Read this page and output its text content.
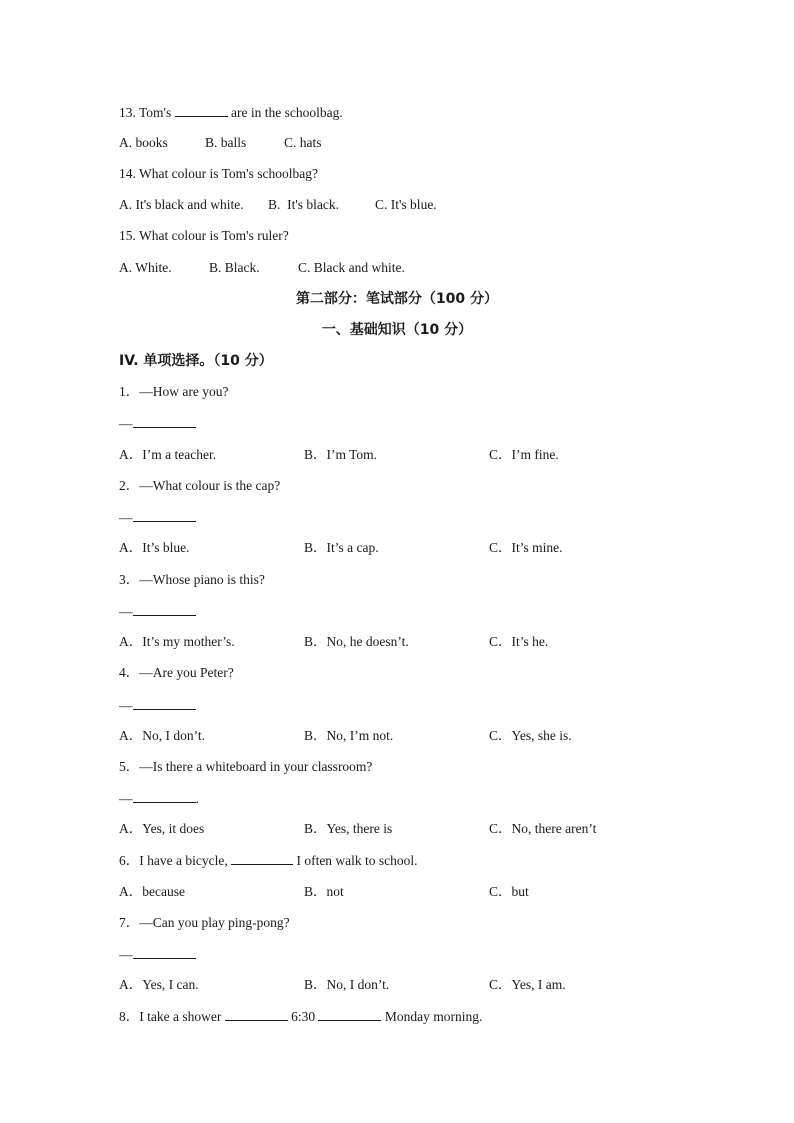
13. Tom's	are in the schoolbag.
A. books	B. balls	C. hats
14. What colour is Tom's schoolbag?
A. It's black and white. B.  It's black.	C. It's blue.
15. What colour is Tom's ruler?
A. White.	B. Black.	C. Black and white.
第二部分：笔试部分（100 分）
一、基础知识（10 分）
IV. 单项选择。（10 分）
1．—How are you?
—
A．I’m a teacher.	B．I’m Tom.	C．I’m fine.
2．—What colour is the cap?
—
A．It’s blue.	B．It’s a cap.	C．It’s mine.
3．—Whose piano is this?
—
A．It’s my mother’s.	B．No, he doesn’t.	C．It’s he.
4．—Are you Peter?
—
A．No, I don’t.	B．No, I’m not.	C．Yes, she is.
5．—Is there a whiteboard in your classroom?
—	.
A．Yes, it does	B．Yes, there is	C．No, there aren’t
6．I have a bicycle,	I often walk to school.
A．because	B．not	C．but
7．—Can you play ping-pong?
—
A．Yes, I can.	B．No, I don’t.	C．Yes, I am.
8．I take a shower	6:30	Monday morning.
